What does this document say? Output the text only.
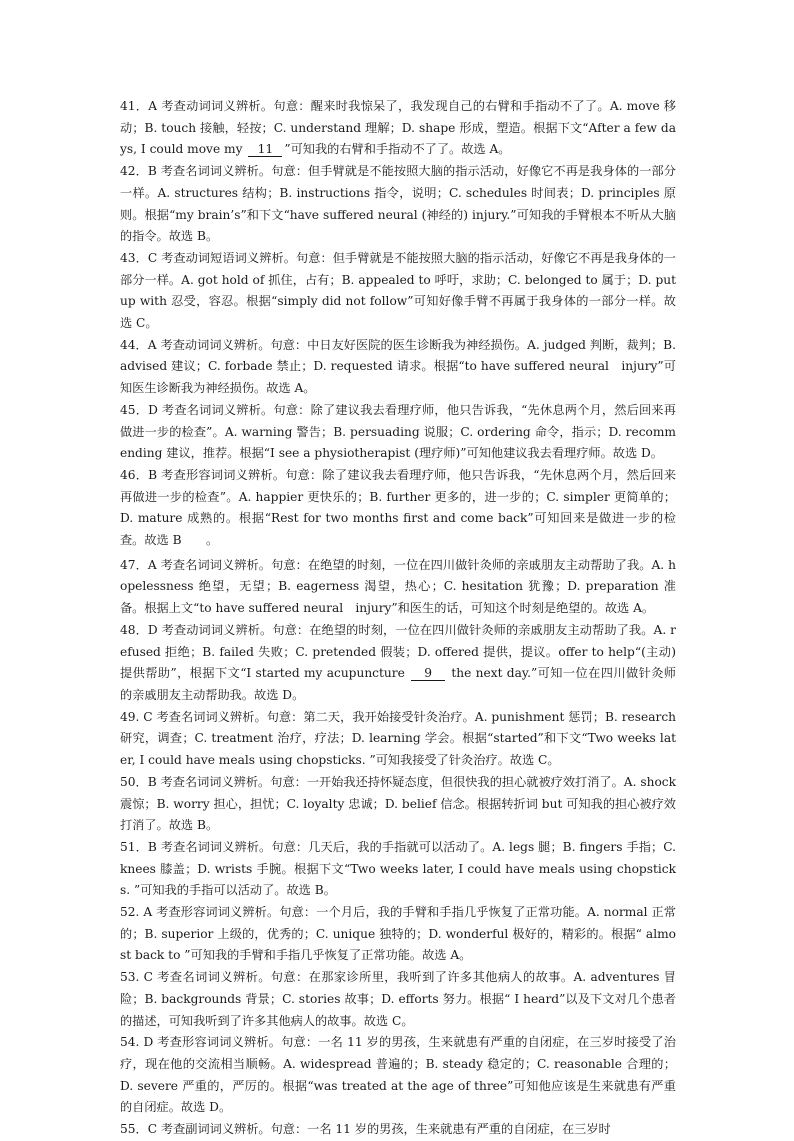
41．A 考查动词词义辨析。句意：醒来时我惊呆了，我发现自己的右臂和手指动不了了。A. move 移动；B. touch 接触，轻按；C. understand 理解；D. shape 形成，塑造。根据下文“After a few days, I could move my 11 ”可知我的右臂和手指动不了了。故选 A。

42．B 考查名词词义辨析。句意：但手臂就是不能按照大脑的指示活动，好像它不再是我身体的一部分一样。A. structures 结构；B. instructions 指令，说明；C. schedules 时间表；D. principles 原则。根据“my brain’s”和下文“have suffered neural (神经的) injury.”可知我的手臂根本不听从大脑的指令。故选 B。

43．C 考查动词短语词义辨析。句意：但手臂就是不能按照大脑的指示活动，好像它不再是我身体的一部分一样。A. got hold of 抓住，占有；B. appealed to 呼吁，求助；C. belonged to 属于；D. put up with 忍受，容忍。根据“simply did not follow”可知好像手臂不再属于我身体的一部分一样。故选 C。

44．A 考查动词词义辨析。句意：中日友好医院的医生诊断我为神经损伤。A. judged 判断，裁判；B. advised 建议；C. forbade 禁止；D. requested 请求。根据“to have suffered neural　injury”可知医生诊断我为神经损伤。故选 A。

45．D 考查名词词义辨析。句意：除了建议我去看理疗师，他只告诉我，“先休息两个月，然后回来再做进一步的检查”。A. warning 警告；B. persuading 说服；C. ordering 命令，指示；D. recommending 建议，推荐。根据“I see a physiotherapist (理疗师)”可知他建议我去看理疗师。故选 D。

46．B 考查形容词词义辨析。句意：除了建议我去看理疗师，他只告诉我，“先休息两个月，然后回来再做进一步的检查”。A. happier 更快乐的；B. further 更多的，进一步的；C. simpler 更简单的；D. mature 成熟的。根据“Rest for two months first and come back”可知回来是做进一步的检查。故选 B　　。

47．A 考查名词词义辨析。句意：在绝望的时刻，一位在四川做针灸师的亲戚朋友主动帮助了我。A. hopelessness 绝望，无望；B. eagerness 渴望，热心；C. hesitation 犹豫；D. preparation 准备。根据上文“to have suffered neural　injury”和医生的话，可知这个时刻是绝望的。故选 A。

48．D 考查动词词义辨析。句意：在绝望的时刻，一位在四川做针灸师的亲戚朋友主动帮助了我。A. refused 拒绝；B. failed 失败；C. pretended 假装；D. offered 提供，提议。offer to help“(主动) 提供帮助”，根据下文“I started my acupuncture 9 the next day.”可知一位在四川做针灸师的亲戚朋友主动帮助我。故选 D。

49. C 考查名词词义辨析。句意：第二天，我开始接受针灸治疗。A. punishment 惩罚；B. research 研究，调查；C. treatment 治疗，疗法；D. learning 学会。根据“started”和下文“Two weeks later, I could have meals using chopsticks. ”可知我接受了针灸治疗。故选 C。

50．B 考查名词词义辨析。句意：一开始我还持怀疑态度，但很快我的担心就被疗效打消了。A. shock 震惊；B. worry 担心，担忧；C. loyalty 忠诚；D. belief 信念。根据转折词 but 可知我的担心被疗效打消了。故选 B。

51．B 考查名词词义辨析。句意：几天后，我的手指就可以活动了。A. legs 腿；B. fingers 手指；C. knees 膝盖；D. wrists 手腕。根据下文“Two weeks later, I could have meals using chopsticks. ”可知我的手指可以活动了。故选 B。

52. A 考查形容词词义辨析。句意：一个月后，我的手臂和手指几乎恢复了正常功能。A. normal 正常的；B. superior 上级的，优秀的；C. unique 独特的；D. wonderful 极好的，精彩的。根据“ almost back to ”可知我的手臂和手指几乎恢复了正常功能。故选 A。

53. C 考查名词词义辨析。句意：在那家诊所里，我听到了许多其他病人的故事。A. adventures 冒险；B. backgrounds 背景；C. stories 故事；D. efforts 努力。根据“ I heard”以及下文对几个患者的描述，可知我听到了许多其他病人的故事。故选 C。

54. D 考查形容词词义辨析。句意：一名 11 岁的男孩，生来就患有严重的自闭症，在三岁时接受了治疗，现在他的交流相当顺畅。A. widespread 普遍的；B. steady 稳定的；C. reasonable 合理的；D. severe 严重的，严厉的。根据“was treated at the age of three”可知他应该是生来就患有严重的自闭症。故选 D。

55．C 考查副词词义辨析。句意：一名 11 岁的男孩，生来就患有严重的自闭症，在三岁时
